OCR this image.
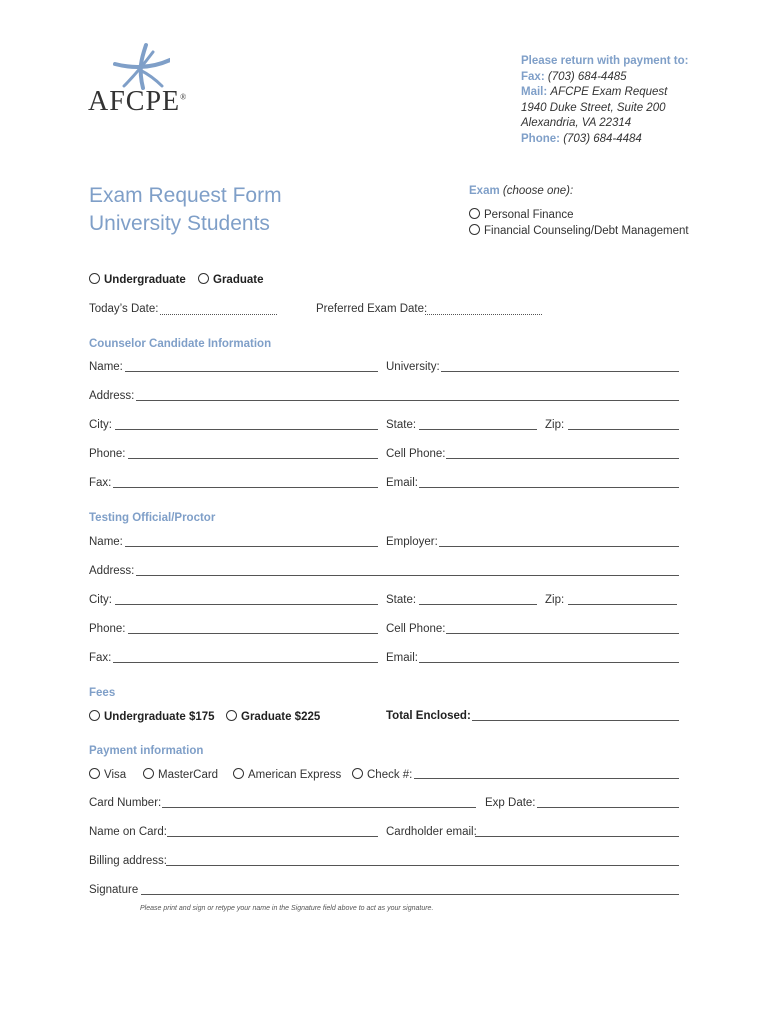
AFCPE®
Please return with payment to:
Fax: (703) 684-4485
Mail: AFCPE Exam Request
1940 Duke Street, Suite 200
Alexandria, VA 22314
Phone: (703) 684-4484
Exam Request Form
University Students
Exam (choose one):
Personal Finance
Financial Counseling/Debt Management
Undergraduate	Graduate
Today’s Date:	Preferred Exam Date:
Counselor Candidate Information
Name:	University:
Address:
City:	State:	Zip:
Phone:	Cell Phone:
Fax:	Email:
Testing Official/Proctor
Name:	Employer:
Address:
City:	State:	Zip:
Phone:	Cell Phone:
Fax:	Email:
Fees
Undergraduate $175	Graduate $225	Total Enclosed:
Payment information
Visa	MasterCard	American Express	Check #:
Card Number:	Exp Date:
Name on Card:	Cardholder email:
Billing address:
Signature
Please print and sign or retype your name in the Signature field above to act as your signature.
